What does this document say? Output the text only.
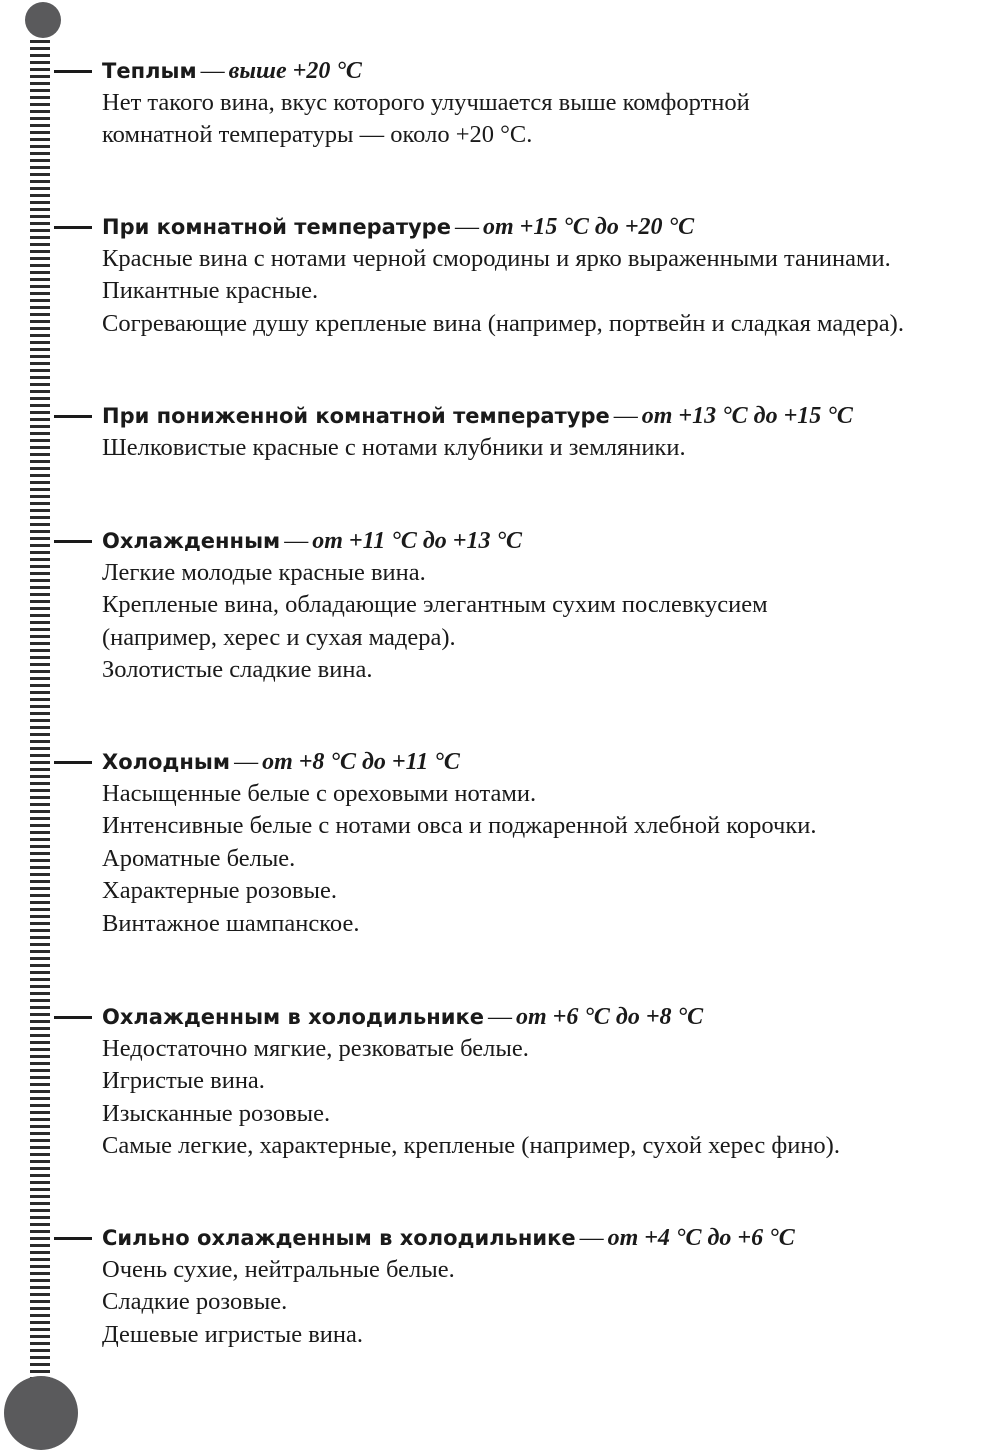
Теплым — выше +20 °C
Нет такого вина, вкус которого улучшается выше комфортной
комнатной температуры — около +20 °C.
При комнатной температуре — от +15 °C до +20 °C
Красные вина с нотами черной смородины и ярко выраженными танинами.
Пикантные красные.
Согревающие душу крепленые вина (например, портвейн и сладкая мадера).
При пониженной комнатной температуре — от +13 °C до +15 °C
Шелковистые красные с нотами клубники и земляники.
Охлажденным — от +11 °C до +13 °C
Легкие молодые красные вина.
Крепленые вина, обладающие элегантным сухим послевкусием
(например, херес и сухая мадера).
Золотистые сладкие вина.
Холодным — от +8 °C до +11 °C
Насыщенные белые с ореховыми нотами.
Интенсивные белые с нотами овса и поджаренной хлебной корочки.
Ароматные белые.
Характерные розовые.
Винтажное шампанское.
Охлажденным в холодильнике — от +6 °C до +8 °C
Недостаточно мягкие, резковатые белые.
Игристые вина.
Изысканные розовые.
Самые легкие, характерные, крепленые (например, сухой херес фино).
Сильно охлажденным в холодильнике — от +4 °C до +6 °C
Очень сухие, нейтральные белые.
Сладкие розовые.
Дешевые игристые вина.
